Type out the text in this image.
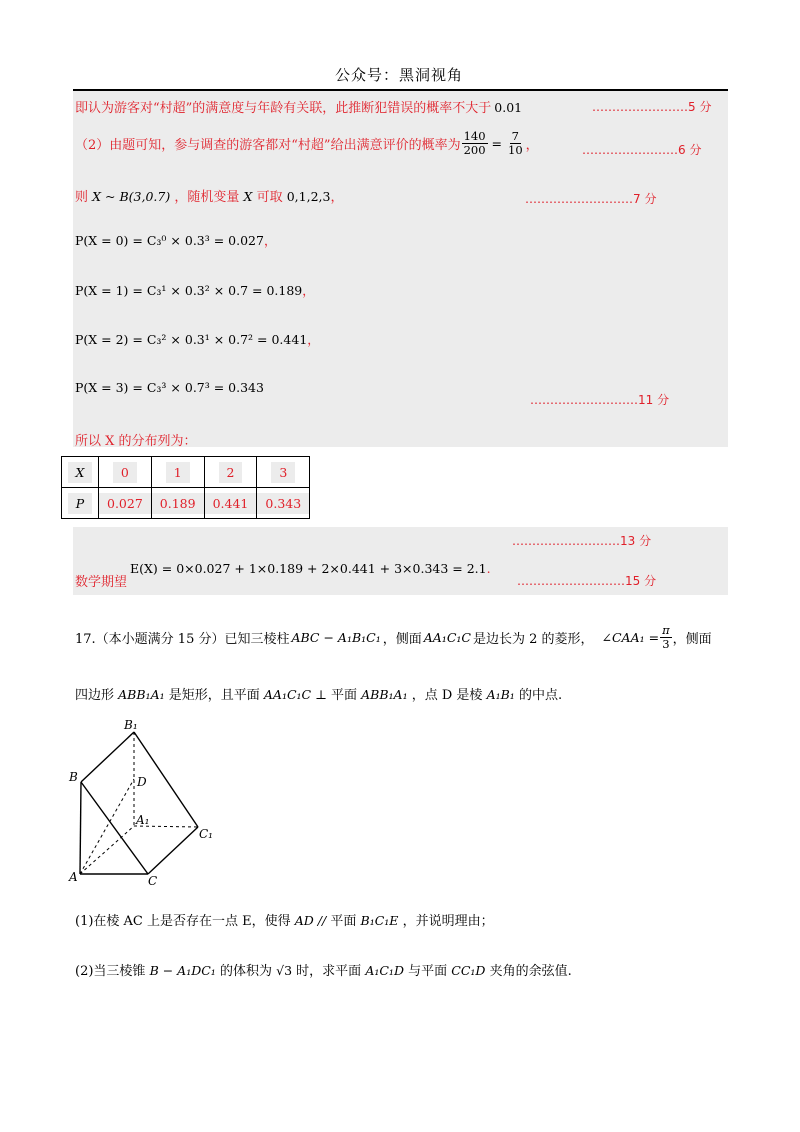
公众号：黑洞视角
即认为游客对“村超”的满意度与年龄有关联，此推断犯错误的概率不大于 0.01	……………………5 分
（2）由题可知，参与调查的游客都对“村超”给出满意评价的概率为 $\frac{140}{200} = \frac{7}{10}$ ，	……………………6 分
则 X ~ B(3,0.7) ，随机变量 X 可取 0,1,2,3，	………………………7 分
P(X = 0) = C₃⁰ × 0.3³ = 0.027，
P(X = 1) = C₃¹ × 0.3² × 0.7 = 0.189，
P(X = 2) = C₃² × 0.3¹ × 0.7² = 0.441，
P(X = 3) = C₃³ × 0.7³ = 0.343
………………………11 分
所以 X 的分布列为：
X	0	1	2	3
P	0.027	0.189	0.441	0.343
………………………13 分
数学期望
E(X) = 0×0.027 + 1×0.189 + 2×0.441 + 3×0.343 = 2.1.
………………………15 分
17.（本小题满分 15 分）已知三棱柱 ABC − A₁B₁C₁ ，侧面 AA₁C₁C 是边长为 2 的菱形， ∠CAA₁ = $\frac{\pi}{3}$ ，侧面
四边形 ABB₁A₁ 是矩形，且平面 AA₁C₁C ⊥ 平面 ABB₁A₁ ，点 D 是棱 A₁B₁ 的中点.
B₁
B	D
A₁
C₁
A	C
(1)在棱 AC 上是否存在一点 E，使得 AD // 平面 B₁C₁E ，并说明理由；
(2)当三棱锥 B − A₁DC₁ 的体积为 √3 时，求平面 A₁C₁D 与平面 CC₁D 夹角的余弦值.
